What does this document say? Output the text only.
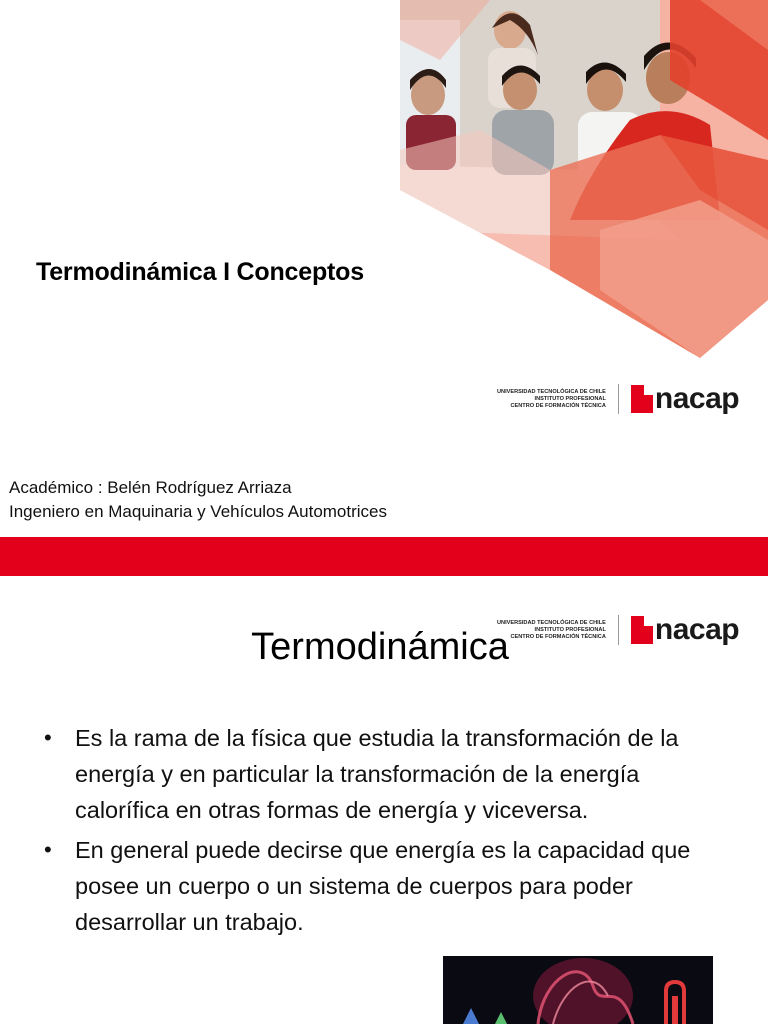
Termodinámica I Conceptos
UNIVERSIDAD TECNOLÓGICA DE CHILE
INSTITUTO PROFESIONAL
CENTRO DE FORMACIÓN TÉCNICA nacap
Académico : Belén Rodríguez Arriaza
Ingeniero en Maquinaria y Vehículos Automotrices
UNIVERSIDAD TECNOLÓGICA DE CHILE
INSTITUTO PROFESIONAL
CENTRO DE FORMACIÓN TÉCNICA nacap
Termodinámica
• Es la rama de la física que estudia la transformación de la energía y en particular la transformación de la energía calorífica en otras formas de energía y viceversa.
• En general puede decirse que energía es la capacidad que posee un cuerpo o un sistema de cuerpos para poder desarrollar un trabajo.
